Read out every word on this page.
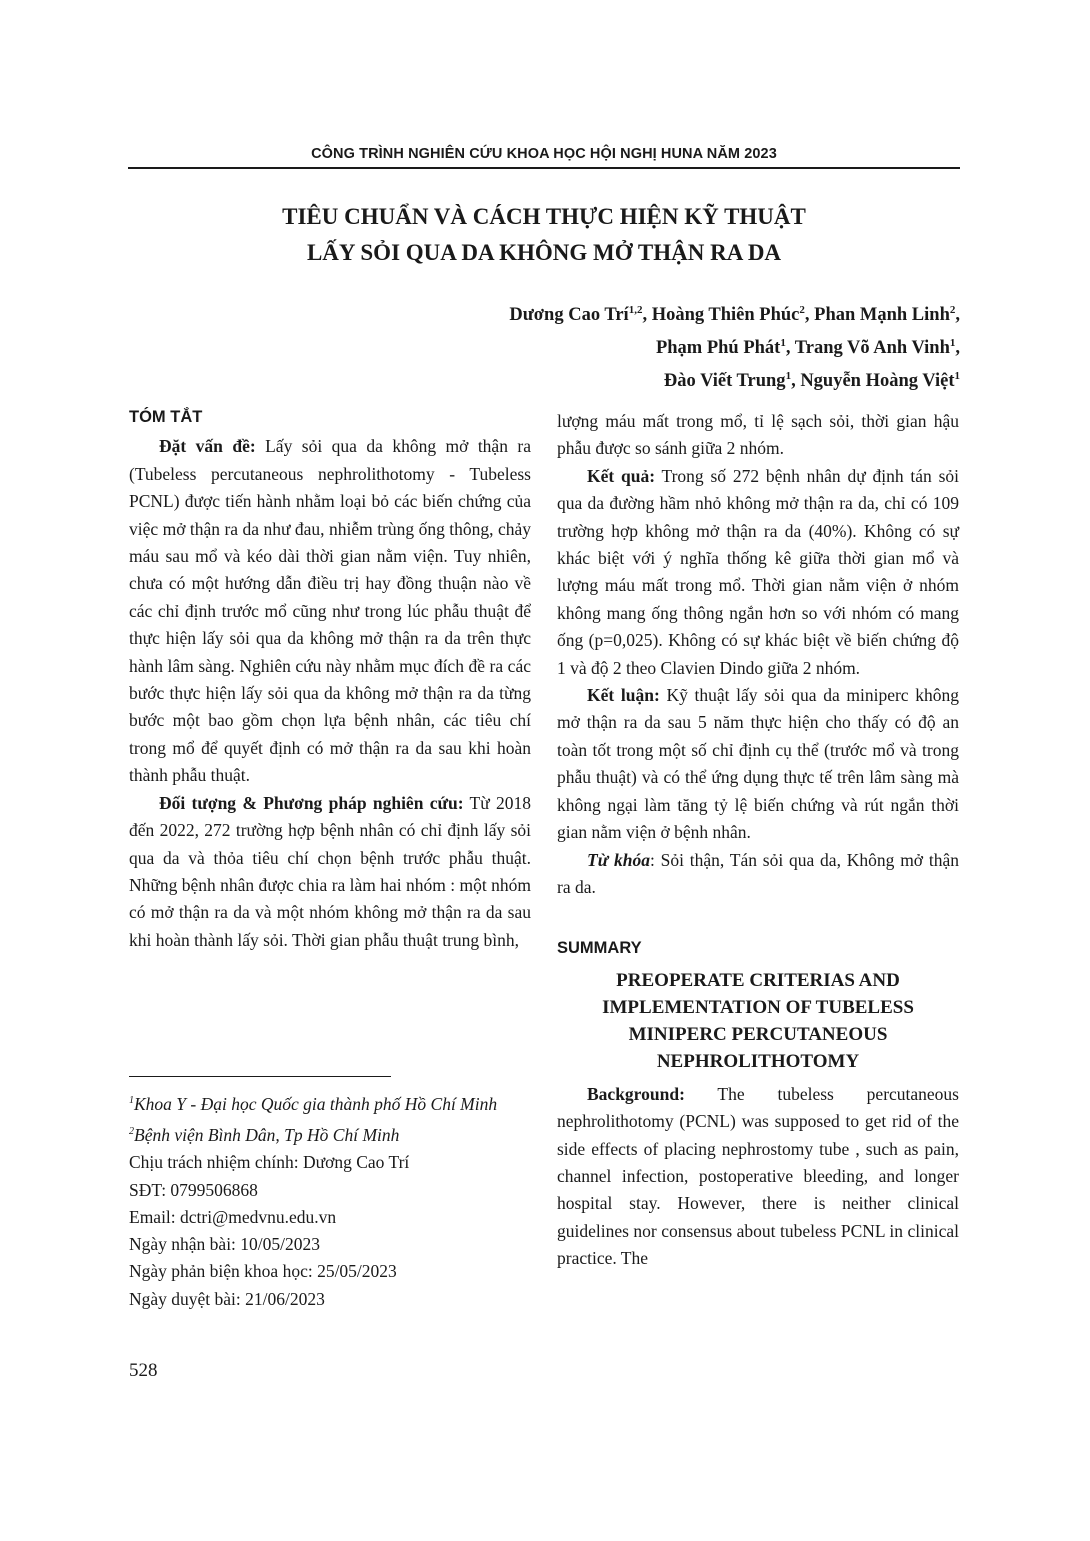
CÔNG TRÌNH NGHIÊN CỨU KHOA HỌC HỘI NGHỊ HUNA NĂM 2023
TIÊU CHUẨN VÀ CÁCH THỰC HIỆN KỸ THUẬT
LẤY SỎI QUA DA KHÔNG MỞ THẬN RA DA
Dương Cao Trí$^{1,2}$, Hoàng Thiên Phúc$^2$, Phan Mạnh Linh$^2$,
Phạm Phú Phát$^1$, Trang Võ Anh Vinh$^1$,
Đào Viết Trung$^1$, Nguyễn Hoàng Việt$^1$
TÓM TẮT

Đặt vấn đề: Lấy sỏi qua da không mở thận ra (Tubeless percutaneous nephrolithotomy - Tubeless PCNL) được tiến hành nhằm loại bỏ các biến chứng của việc mở thận ra da như đau, nhiễm trùng ống thông, chảy máu sau mổ và kéo dài thời gian nằm viện. Tuy nhiên, chưa có một hướng dẫn điều trị hay đồng thuận nào về các chỉ định trước mổ cũng như trong lúc phẫu thuật để thực hiện lấy sỏi qua da không mở thận ra da trên thực hành lâm sàng. Nghiên cứu này nhằm mục đích đề ra các bước thực hiện lấy sỏi qua da không mở thận ra da từng bước một bao gồm chọn lựa bệnh nhân, các tiêu chí trong mổ để quyết định có mở thận ra da sau khi hoàn thành phẫu thuật.

Đối tượng & Phương pháp nghiên cứu: Từ 2018 đến 2022, 272 trường hợp bệnh nhân có chỉ định lấy sỏi qua da và thỏa tiêu chí chọn bệnh trước phẫu thuật. Những bệnh nhân được chia ra làm hai nhóm : một nhóm có mở thận ra da và một nhóm không mở thận ra da sau khi hoàn thành lấy sỏi. Thời gian phẫu thuật trung bình,

$^1$Khoa Y - Đại học Quốc gia thành phố Hồ Chí Minh
$^2$Bệnh viện Bình Dân, Tp Hồ Chí Minh
Chịu trách nhiệm chính: Dương Cao Trí
SĐT: 0799506868
Email: dctri@medvnu.edu.vn
Ngày nhận bài: 10/05/2023
Ngày phản biện khoa học: 25/05/2023
Ngày duyệt bài: 21/06/2023

lượng máu mất trong mổ, tỉ lệ sạch sỏi, thời gian hậu phẫu được so sánh giữa 2 nhóm.

Kết quả: Trong số 272 bệnh nhân dự định tán sỏi qua da đường hầm nhỏ không mở thận ra da, chỉ có 109 trường hợp không mở thận ra da (40%). Không có sự khác biệt với ý nghĩa thống kê giữa thời gian mổ và lượng máu mất trong mổ. Thời gian nằm viện ở nhóm không mang ống thông ngắn hơn so với nhóm có mang ống (p=0,025). Không có sự khác biệt về biến chứng độ 1 và độ 2 theo Clavien Dindo giữa 2 nhóm.

Kết luận: Kỹ thuật lấy sỏi qua da miniperc không mở thận ra da sau 5 năm thực hiện cho thấy có độ an toàn tốt trong một số chỉ định cụ thể (trước mổ và trong phẫu thuật) và có thể ứng dụng thực tế trên lâm sàng mà không ngại làm tăng tỷ lệ biến chứng và rút ngắn thời gian nằm viện ở bệnh nhân.

Từ khóa: Sỏi thận, Tán sỏi qua da, Không mở thận ra da.

SUMMARY
PREOPERATE CRITERIAS AND
IMPLEMENTATION OF TUBELESS
MINIPERC PERCUTANEOUS
NEPHROLITHOTOMY

Background: The tubeless percutaneous nephrolithotomy (PCNL) was supposed to get rid of the side effects of placing nephrostomy tube , such as pain, channel infection, postoperative bleeding, and longer hospital stay. However, there is neither clinical guidelines nor consensus about tubeless PCNL in clinical practice. The

528
